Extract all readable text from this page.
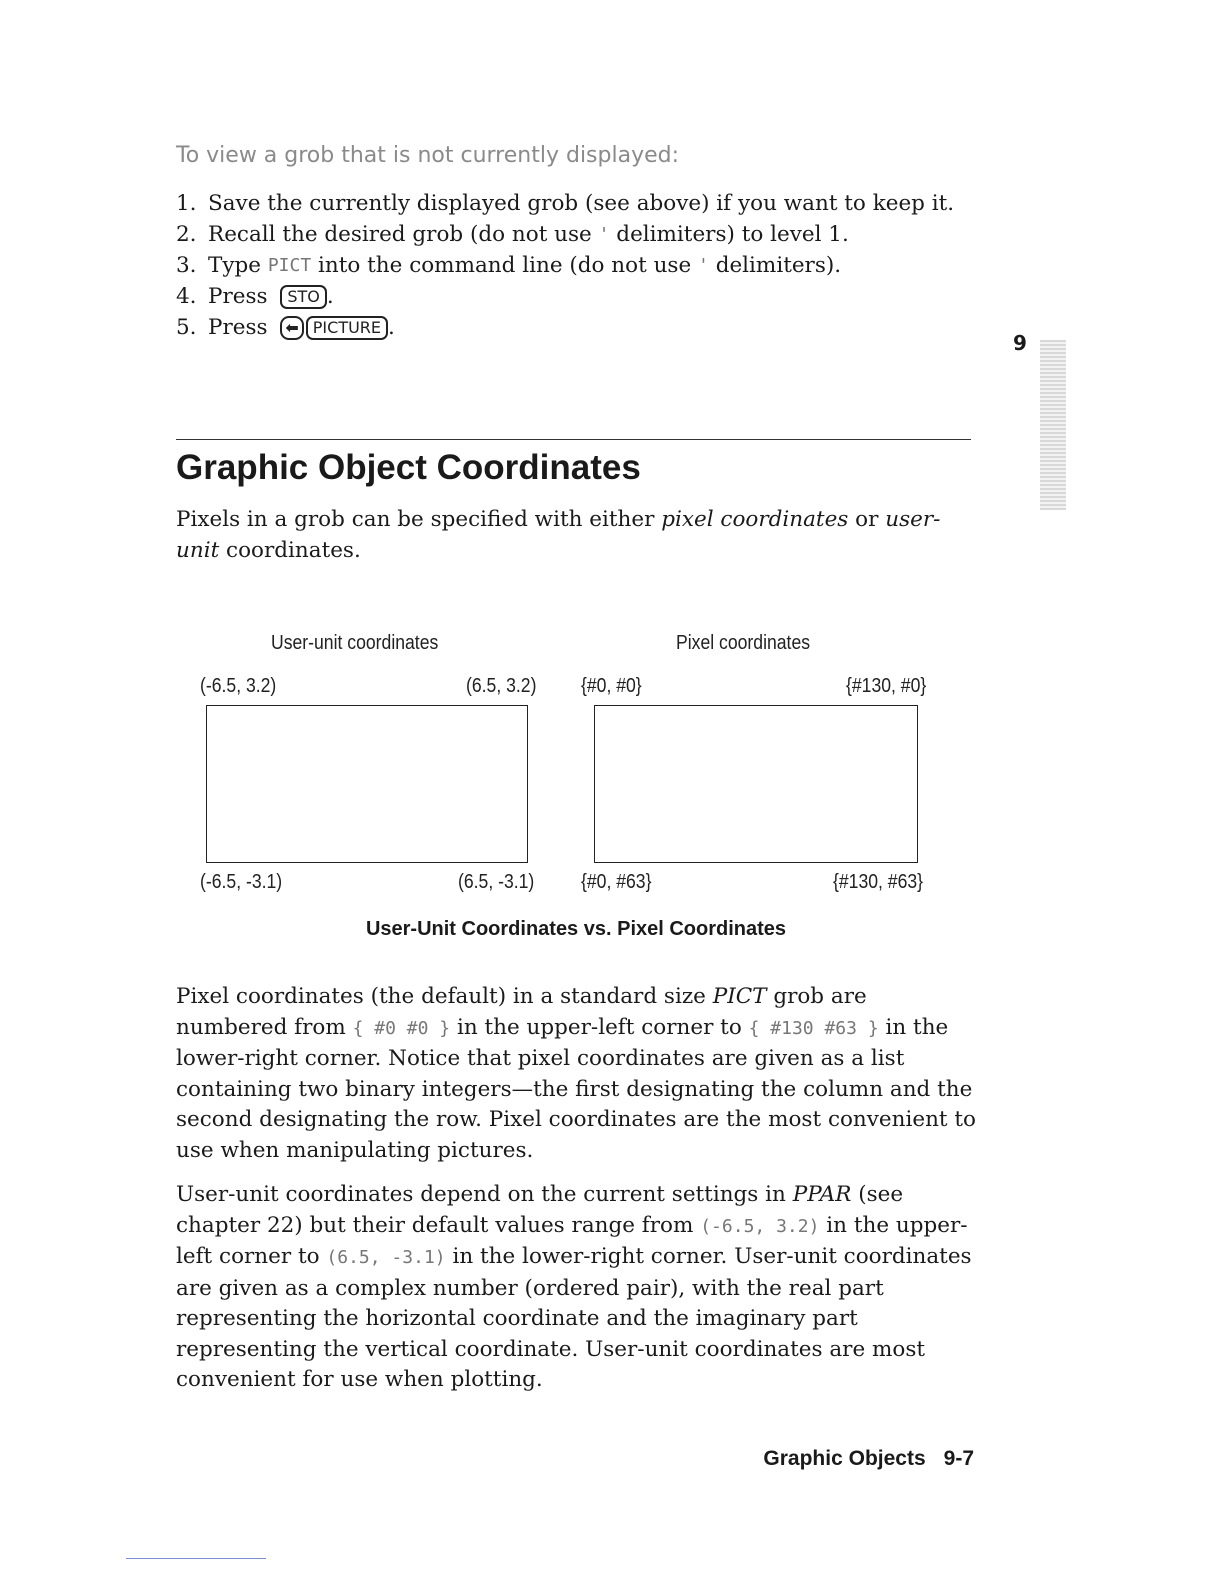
To view a grob that is not currently displayed:
1. Save the currently displayed grob (see above) if you want to keep it.
2. Recall the desired grob (do not use ' delimiters) to level 1.
3. Type PICT into the command line (do not use ' delimiters).
4. Press STO .
5. Press ⬅ PICTURE .
9
Graphic Object Coordinates

Pixels in a grob can be specified with either pixel coordinates or user-unit coordinates.

User-unit coordinates	Pixel coordinates
(-6.5, 3.2)	(6.5, 3.2) {#0, #0}	{#130, #0}
(-6.5, -3.1)	(6.5, -3.1) {#0, #63}	{#130, #63}
User-Unit Coordinates vs. Pixel Coordinates

Pixel coordinates (the default) in a standard size PICT grob are numbered from { #0 #0 } in the upper-left corner to { #130 #63 } in the lower-right corner. Notice that pixel coordinates are given as a list containing two binary integers—the first designating the column and the second designating the row. Pixel coordinates are the most convenient to use when manipulating pictures.

User-unit coordinates depend on the current settings in PPAR (see chapter 22) but their default values range from (-6.5, 3.2) in the upper-left corner to (6.5, -3.1) in the lower-right corner. User-unit coordinates are given as a complex number (ordered pair), with the real part representing the horizontal coordinate and the imaginary part representing the vertical coordinate. User-unit coordinates are most convenient for use when plotting.

Graphic Objects 9-7
